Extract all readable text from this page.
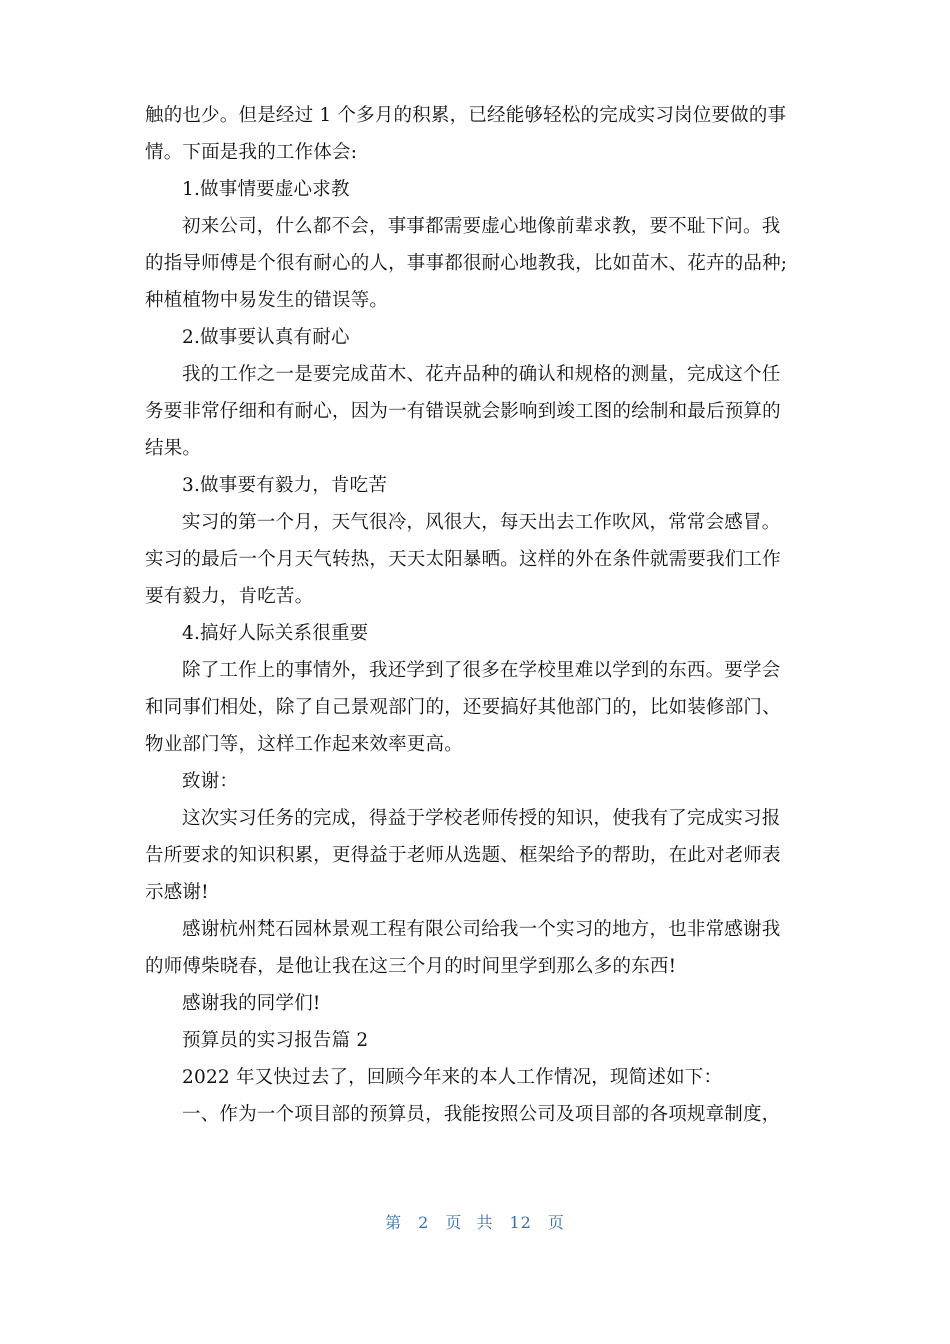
触的也少。但是经过 1 个多月的积累，已经能够轻松的完成实习岗位要做的事
情。下面是我的工作体会:
1.做事情要虚心求教
初来公司，什么都不会，事事都需要虚心地像前辈求教，要不耻下问。我
的指导师傅是个很有耐心的人，事事都很耐心地教我，比如苗木、花卉的品种;
种植植物中易发生的错误等。
2.做事要认真有耐心
我的工作之一是要完成苗木、花卉品种的确认和规格的测量，完成这个任
务要非常仔细和有耐心，因为一有错误就会影响到竣工图的绘制和最后预算的
结果。
3.做事要有毅力，肯吃苦
实习的第一个月，天气很冷，风很大，每天出去工作吹风，常常会感冒。
实习的最后一个月天气转热，天天太阳暴晒。这样的外在条件就需要我们工作
要有毅力，肯吃苦。
4.搞好人际关系很重要
除了工作上的事情外，我还学到了很多在学校里难以学到的东西。要学会
和同事们相处，除了自己景观部门的，还要搞好其他部门的，比如装修部门、
物业部门等，这样工作起来效率更高。
致谢：
这次实习任务的完成，得益于学校老师传授的知识，使我有了完成实习报
告所要求的知识积累，更得益于老师从选题、框架给予的帮助，在此对老师表
示感谢!
感谢杭州梵石园林景观工程有限公司给我一个实习的地方，也非常感谢我
的师傅柴晓春，是他让我在这三个月的时间里学到那么多的东西!
感谢我的同学们!
预算员的实习报告篇 2
2022 年又快过去了，回顾今年来的本人工作情况，现简述如下：
一、作为一个项目部的预算员，我能按照公司及项目部的各项规章制度，
第 2 页 共 12 页
